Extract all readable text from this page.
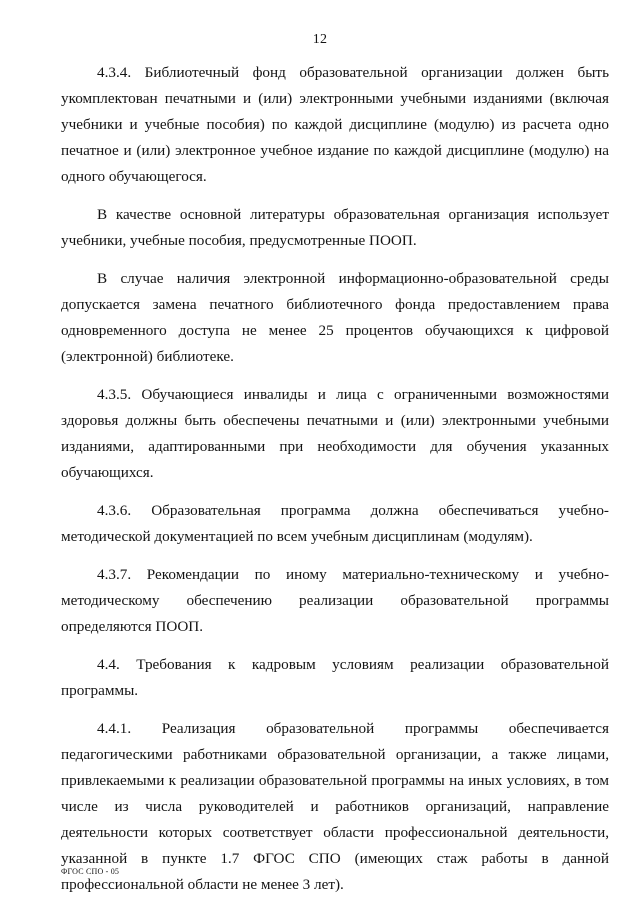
12

4.3.4. Библиотечный фонд образовательной организации должен быть укомплектован печатными и (или) электронными учебными изданиями (включая учебники и учебные пособия) по каждой дисциплине (модулю) из расчета одно печатное и (или) электронное учебное издание по каждой дисциплине (модулю) на одного обучающегося.

В качестве основной литературы образовательная организация использует учебники, учебные пособия, предусмотренные ПООП.

В случае наличия электронной информационно-образовательной среды допускается замена печатного библиотечного фонда предоставлением права одновременного доступа не менее 25 процентов обучающихся к цифровой (электронной) библиотеке.

4.3.5. Обучающиеся инвалиды и лица с ограниченными возможностями здоровья должны быть обеспечены печатными и (или) электронными учебными изданиями, адаптированными при необходимости для обучения указанных обучающихся.

4.3.6. Образовательная программа должна обеспечиваться учебно-методической документацией по всем учебным дисциплинам (модулям).

4.3.7. Рекомендации по иному материально-техническому и учебно-методическому обеспечению реализации образовательной программы определяются ПООП.

4.4. Требования к кадровым условиям реализации образовательной программы.

4.4.1. Реализация образовательной программы обеспечивается педагогическими работниками образовательной организации, а также лицами, привлекаемыми к реализации образовательной программы на иных условиях, в том числе из числа руководителей и работников организаций, направление деятельности которых соответствует области профессиональной деятельности, указанной в пункте 1.7 ФГОС СПО (имеющих стаж работы в данной профессиональной области не менее 3 лет).

ФГОС СПО - 05
